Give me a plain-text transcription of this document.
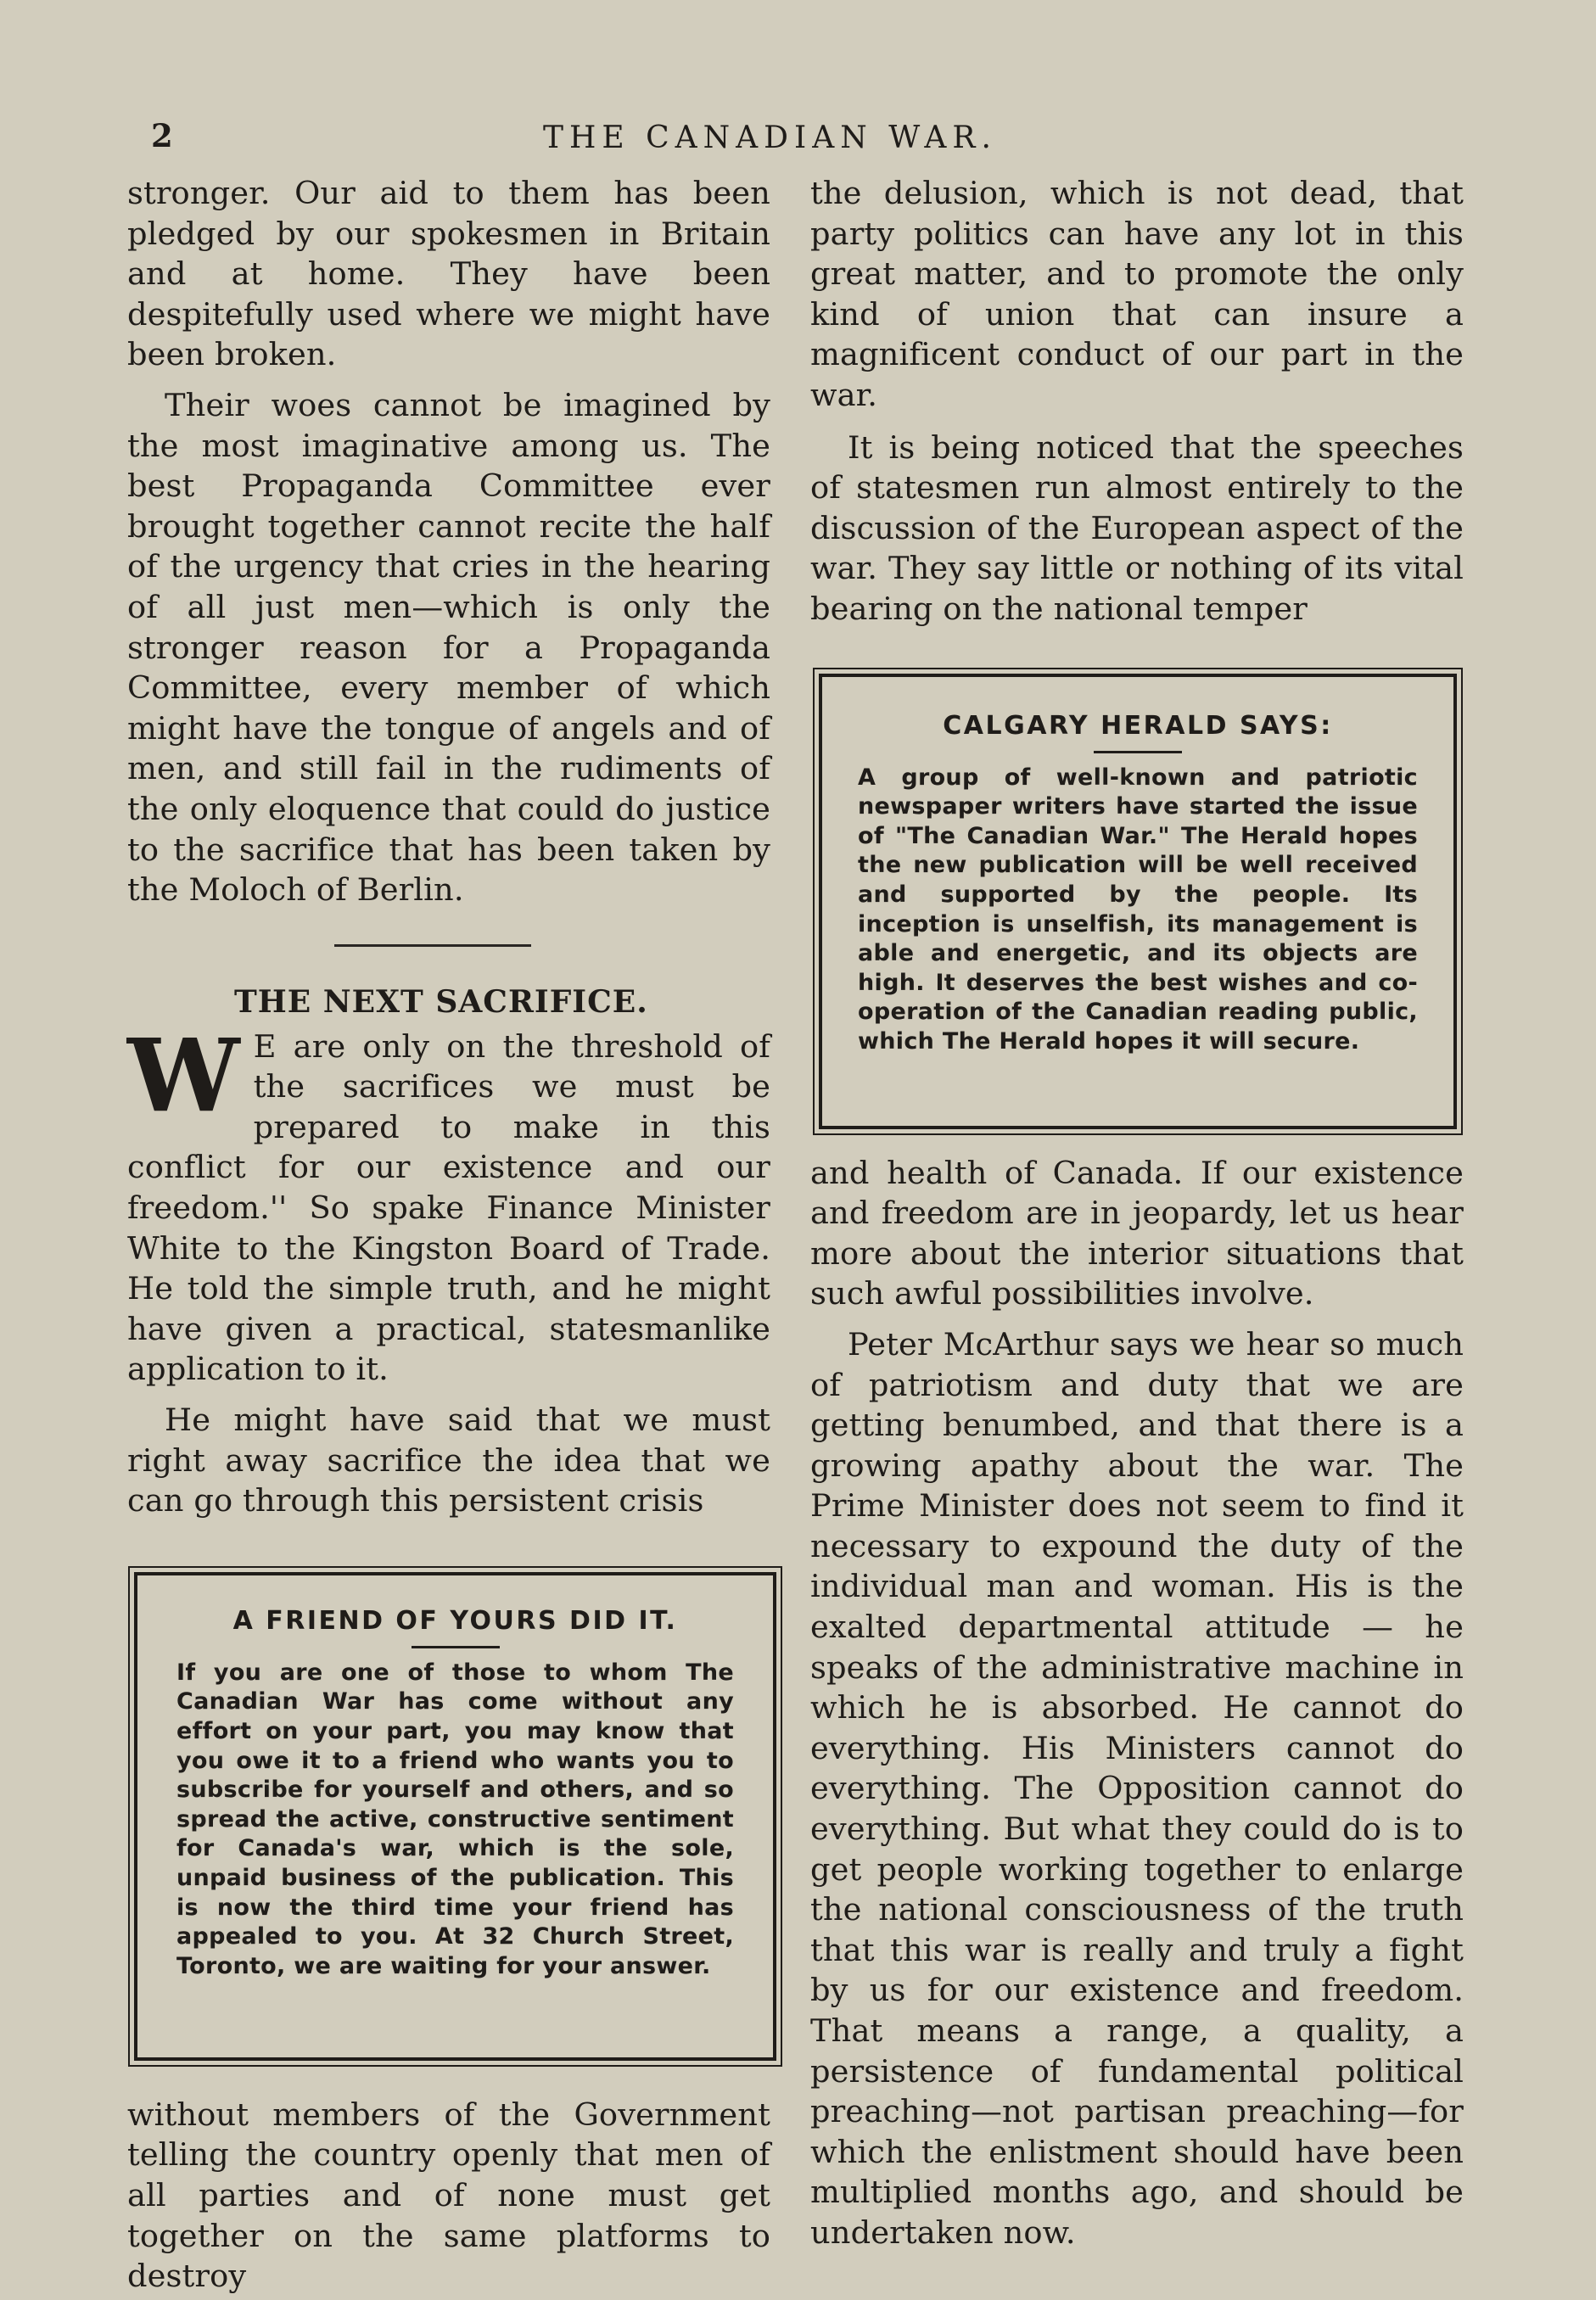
2	THE CANADIAN WAR.

stronger. Our aid to them has been pledged by our spokesmen in Britain and at home. They have been despitefully used where we might have been broken.

Their woes cannot be imagined by the most imaginative among us. The best Propaganda Committee ever brought together cannot recite the half of the urgency that cries in the hearing of all just men—which is only the stronger reason for a Propaganda Committee, every member of which might have the tongue of angels and of men, and still fail in the rudiments of the only eloquence that could do justice to the sacrifice that has been taken by the Moloch of Berlin.

THE NEXT SACRIFICE.

W E are only on the threshold of the sacrifices we must be prepared to make in this conflict for our existence and our freedom.'' So spake Finance Minister White to the Kingston Board of Trade. He told the simple truth, and he might have given a practical, statesmanlike application to it.

He might have said that we must right away sacrifice the idea that we can go through this persistent crisis

A FRIEND OF YOURS DID IT.
If you are one of those to whom The Canadian War has come without any effort on your part, you may know that you owe it to a friend who wants you to subscribe for yourself and others, and so spread the active, constructive sentiment for Canada's war, which is the sole, unpaid business of the publication. This is now the third time your friend has appealed to you. At 32 Church Street, Toronto, we are waiting for your answer.

without members of the Government telling the country openly that men of all parties and of none must get together on the same platforms to destroy

the delusion, which is not dead, that party politics can have any lot in this great matter, and to promote the only kind of union that can insure a magnificent conduct of our part in the war.

It is being noticed that the speeches of statesmen run almost entirely to the discussion of the European aspect of the war. They say little or nothing of its vital bearing on the national temper

CALGARY HERALD SAYS:
A group of well-known and patriotic newspaper writers have started the issue of "The Canadian War." The Herald hopes the new publication will be well received and supported by the people. Its inception is unselfish, its management is able and energetic, and its objects are high. It deserves the best wishes and co-operation of the Canadian reading public, which The Herald hopes it will secure.

and health of Canada. If our existence and freedom are in jeopardy, let us hear more about the interior situations that such awful possibilities involve.

Peter McArthur says we hear so much of patriotism and duty that we are getting benumbed, and that there is a growing apathy about the war. The Prime Minister does not seem to find it necessary to expound the duty of the individual man and woman. His is the exalted departmental attitude — he speaks of the administrative machine in which he is absorbed. He cannot do everything. His Ministers cannot do everything. The Opposition cannot do everything. But what they could do is to get people working together to enlarge the national consciousness of the truth that this war is really and truly a fight by us for our existence and freedom. That means a range, a quality, a persistence of fundamental political preaching—not partisan preaching—for which the enlistment should have been multiplied months ago, and should be undertaken now.
